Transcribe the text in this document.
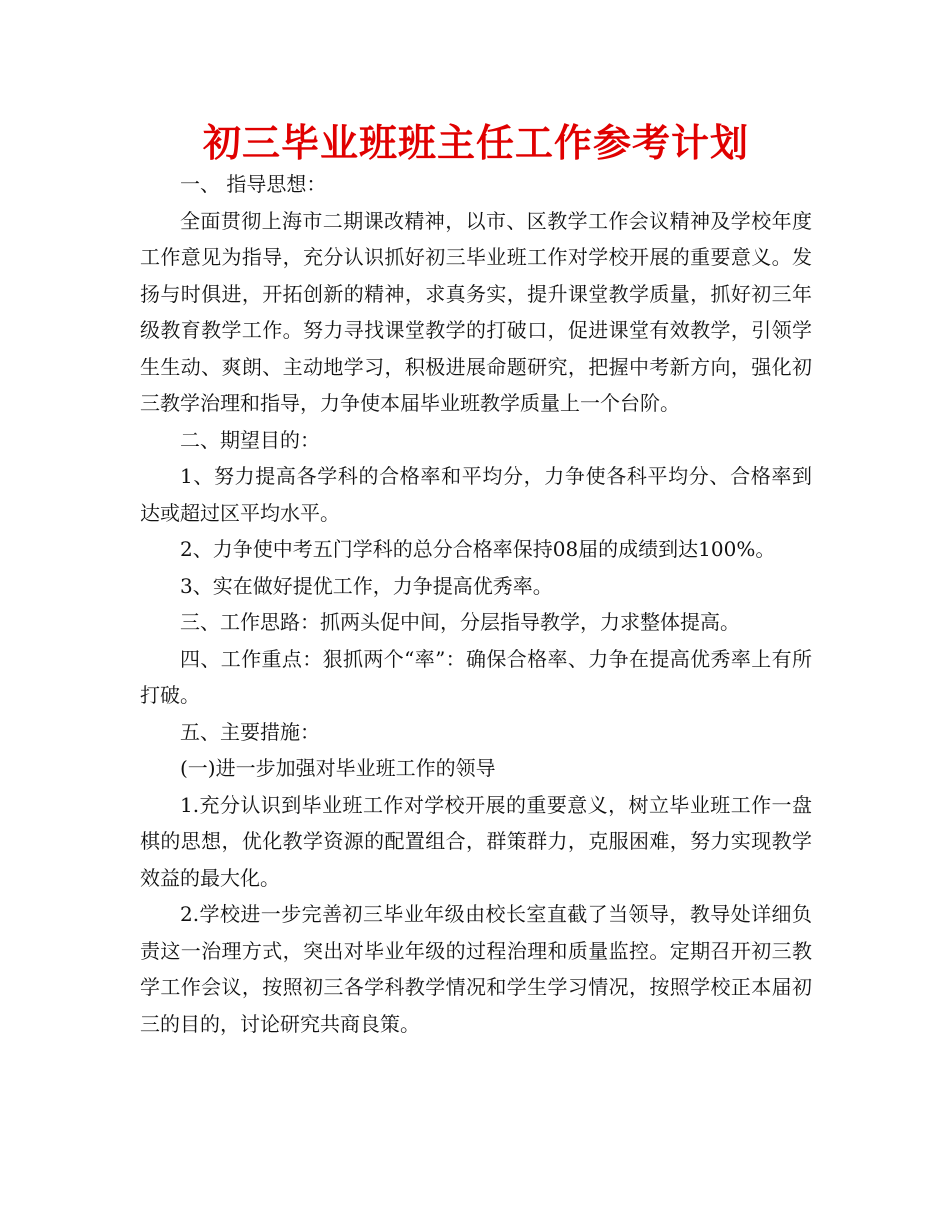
初三毕业班班主任工作参考计划

一、 指导思想：

全面贯彻上海市二期课改精神，以市、区教学工作会议精神及学校年度工作意见为指导，充分认识抓好初三毕业班工作对学校开展的重要意义。发扬与时俱进，开拓创新的精神，求真务实，提升课堂教学质量，抓好初三年级教育教学工作。努力寻找课堂教学的打破口，促进课堂有效教学，引领学生生动、爽朗、主动地学习，积极进展命题研究，把握中考新方向，强化初三教学治理和指导，力争使本届毕业班教学质量上一个台阶。

二、期望目的：

1、努力提高各学科的合格率和平均分，力争使各科平均分、合格率到达或超过区平均水平。

2、力争使中考五门学科的总分合格率保持08届的成绩到达100%。

3、实在做好提优工作，力争提高优秀率。

三、工作思路：抓两头促中间，分层指导教学，力求整体提高。

四、工作重点：狠抓两个“率”：确保合格率、力争在提高优秀率上有所打破。

五、主要措施：

(一)进一步加强对毕业班工作的领导

1.充分认识到毕业班工作对学校开展的重要意义，树立毕业班工作一盘棋的思想，优化教学资源的配置组合，群策群力，克服困难，努力实现教学效益的最大化。

2.学校进一步完善初三毕业年级由校长室直截了当领导，教导处详细负责这一治理方式，突出对毕业年级的过程治理和质量监控。定期召开初三教学工作会议，按照初三各学科教学情况和学生学习情况，按照学校正本届初三的目的，讨论研究共商良策。
